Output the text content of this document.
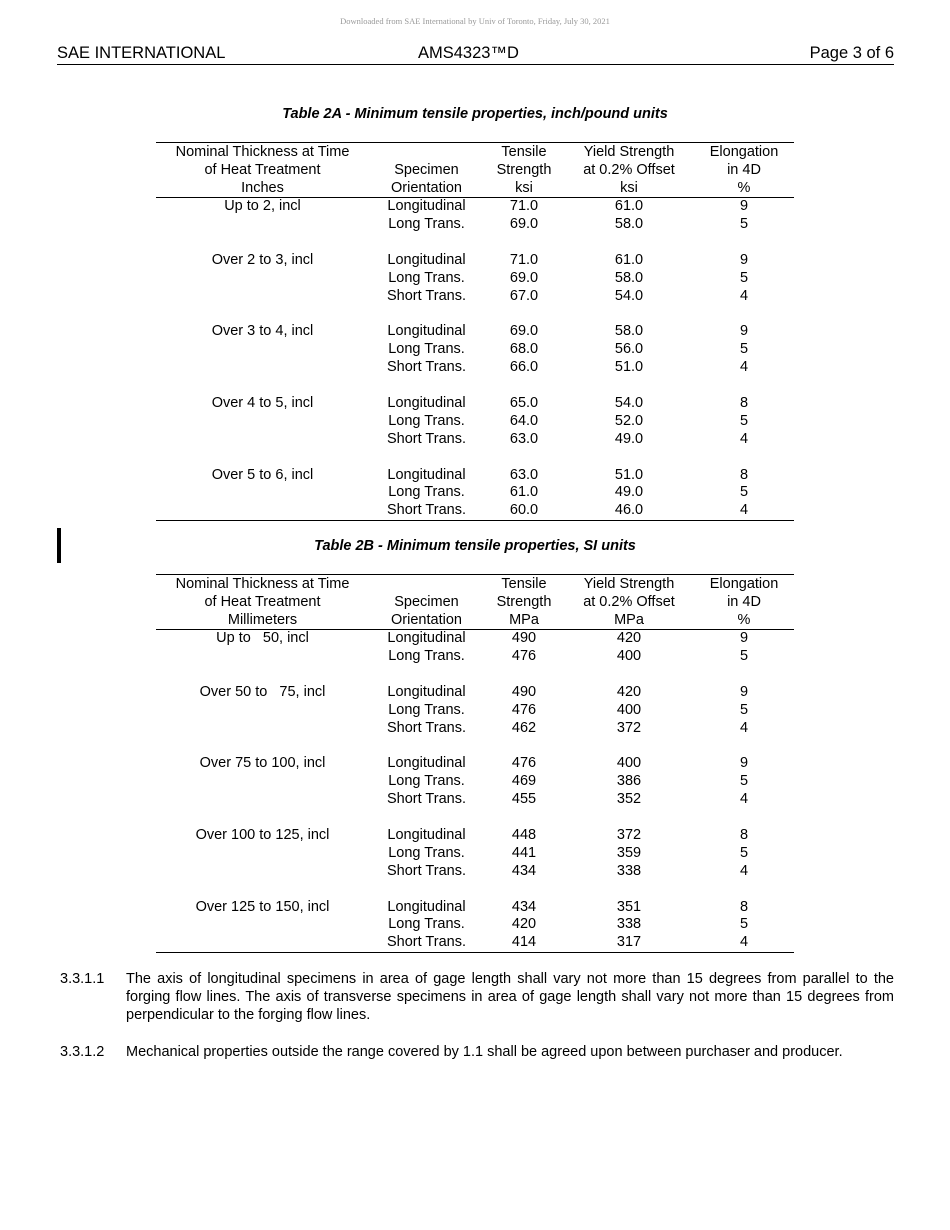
Downloaded from SAE International by Univ of Toronto, Friday, July 30, 2021
SAE INTERNATIONAL	AMS4323™D	Page 3 of 6
Table 2A - Minimum tensile properties, inch/pound units
Nominal Thickness at Time		Tensile	Yield Strength	Elongation
of Heat Treatment	Specimen	Strength	at 0.2% Offset	in 4D
Inches	Orientation	ksi	ksi	%
Up to 2, incl	Longitudinal	71.0	61.0	9
	Long Trans.	69.0	58.0	5

Over 2 to 3, incl	Longitudinal	71.0	61.0	9
	Long Trans.	69.0	58.0	5
	Short Trans.	67.0	54.0	4

Over 3 to 4, incl	Longitudinal	69.0	58.0	9
	Long Trans.	68.0	56.0	5
	Short Trans.	66.0	51.0	4

Over 4 to 5, incl	Longitudinal	65.0	54.0	8
	Long Trans.	64.0	52.0	5
	Short Trans.	63.0	49.0	4

Over 5 to 6, incl	Longitudinal	63.0	51.0	8
	Long Trans.	61.0	49.0	5
	Short Trans.	60.0	46.0	4
Table 2B - Minimum tensile properties, SI units
Nominal Thickness at Time		Tensile	Yield Strength	Elongation
of Heat Treatment	Specimen	Strength	at 0.2% Offset	in 4D
Millimeters	Orientation	MPa	MPa	%
Up to   50, incl	Longitudinal	490	420	9
	Long Trans.	476	400	5

Over 50 to   75, incl	Longitudinal	490	420	9
	Long Trans.	476	400	5
	Short Trans.	462	372	4

Over 75 to 100, incl	Longitudinal	476	400	9
	Long Trans.	469	386	5
	Short Trans.	455	352	4

Over 100 to 125, incl	Longitudinal	448	372	8
	Long Trans.	441	359	5
	Short Trans.	434	338	4

Over 125 to 150, incl	Longitudinal	434	351	8
	Long Trans.	420	338	5
	Short Trans.	414	317	4
3.3.1.1 The axis of longitudinal specimens in area of gage length shall vary not more than 15 degrees from parallel to the forging flow lines. The axis of transverse specimens in area of gage length shall vary not more than 15 degrees from perpendicular to the forging flow lines.
3.3.1.2 Mechanical properties outside the range covered by 1.1 shall be agreed upon between purchaser and producer.
